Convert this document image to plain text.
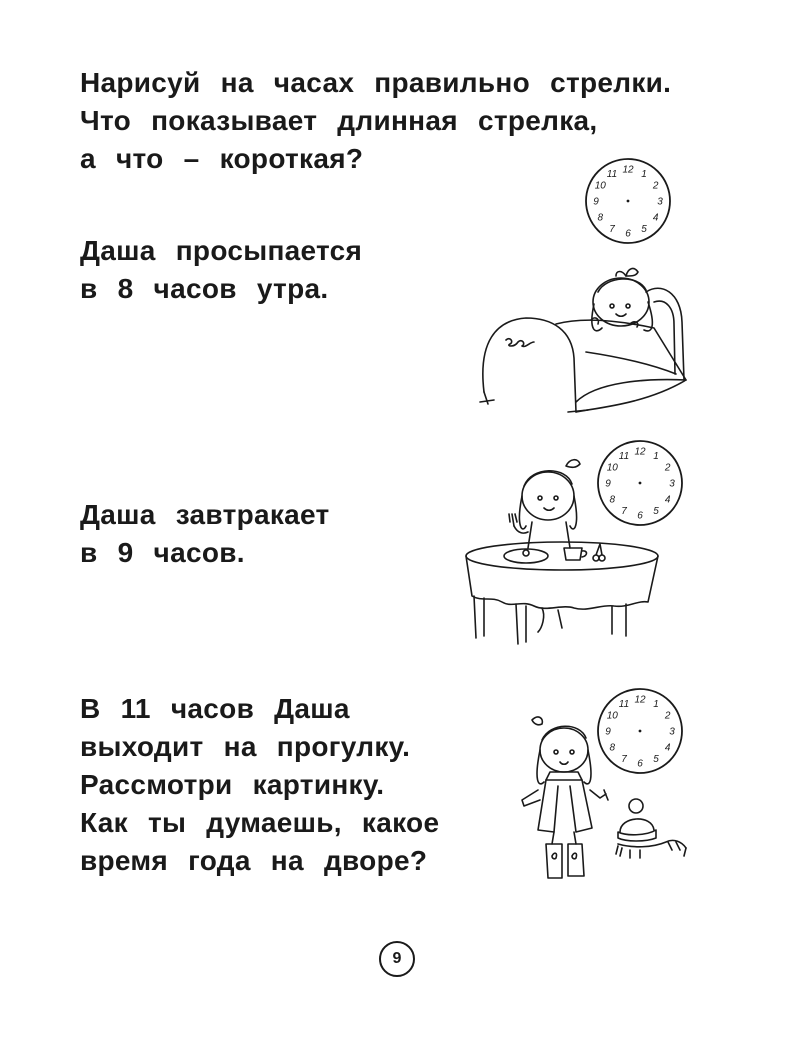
Нарисуй на часах правильно стрелки.
Что показывает длинная стрелка,
а что – короткая?

Даша просыпается
в 8 часов утра.

Даша завтракает
в 9 часов.

В 11 часов Даша
выходит на прогулку.
Рассмотри картинку.
Как ты думаешь, какое
время года на дворе?

12 1
2
3
4
5
6
7
8
9
10
11
12 1
2
3
4
5
6
7
8
9
10
11
12 1
2
3
4
5
6
7
8
9
10
11
9
